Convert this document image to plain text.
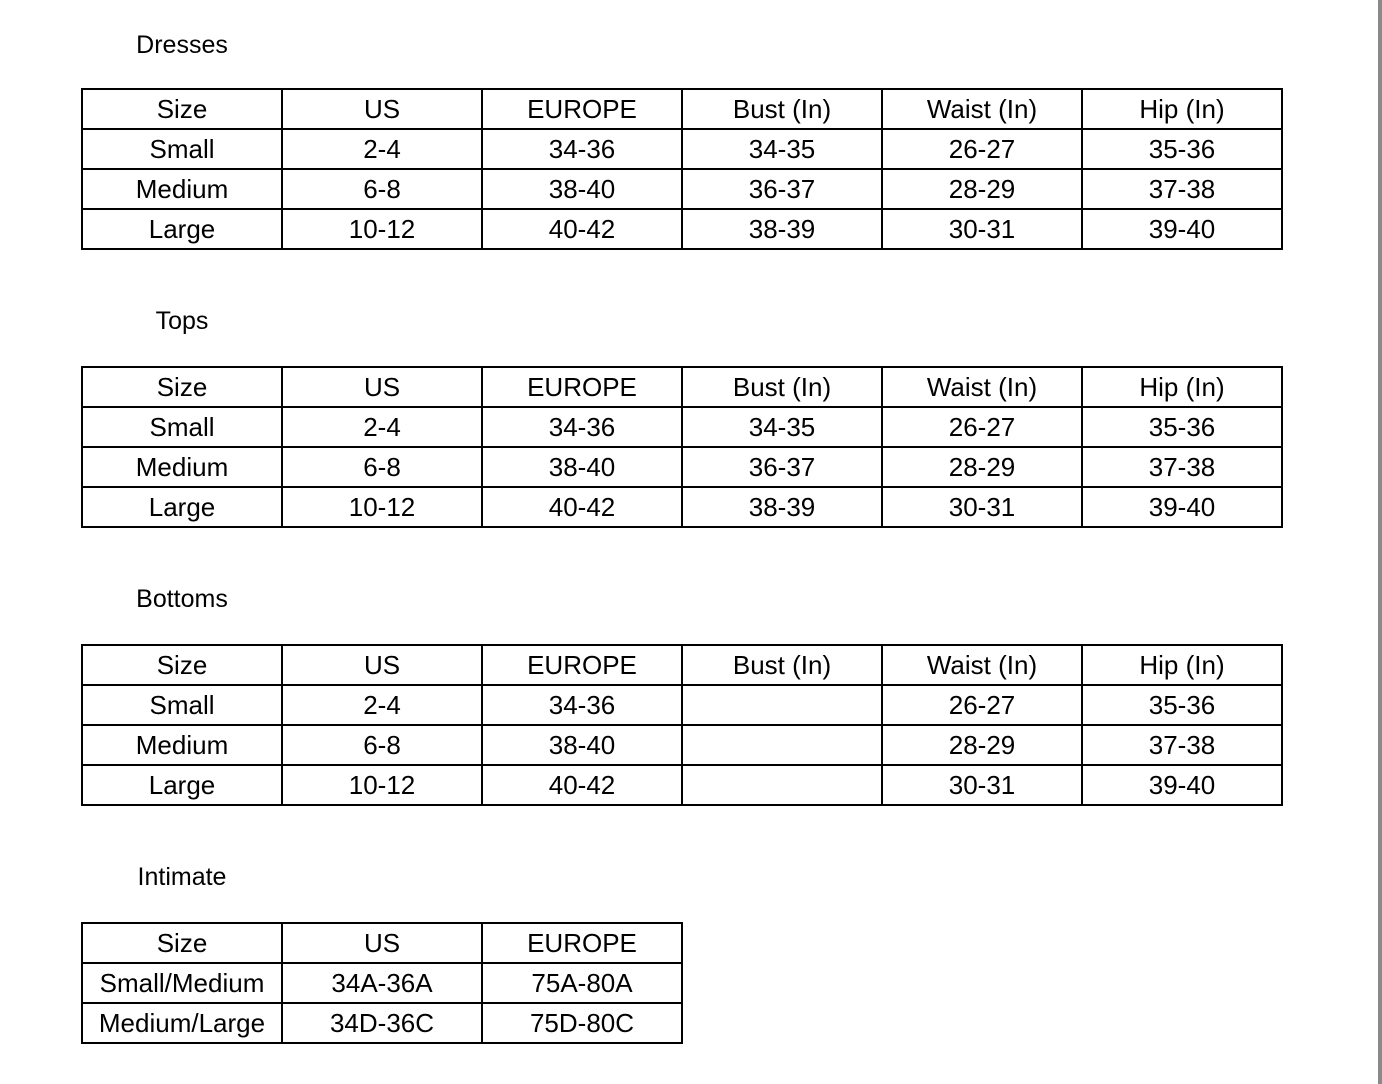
Dresses
Size	US	EUROPE	Bust (In)	Waist (In)	Hip (In)
Small	2-4	34-36	34-35	26-27	35-36
Medium	6-8	38-40	36-37	28-29	37-38
Large	10-12	40-42	38-39	30-31	39-40
Tops
Size	US	EUROPE	Bust (In)	Waist (In)	Hip (In)
Small	2-4	34-36	34-35	26-27	35-36
Medium	6-8	38-40	36-37	28-29	37-38
Large	10-12	40-42	38-39	30-31	39-40
Bottoms
Size	US	EUROPE	Bust (In)	Waist (In)	Hip (In)
Small	2-4	34-36		26-27	35-36
Medium	6-8	38-40		28-29	37-38
Large	10-12	40-42		30-31	39-40
Intimate
Size	US	EUROPE
Small/Medium	34A-36A	75A-80A
Medium/Large	34D-36C	75D-80C
